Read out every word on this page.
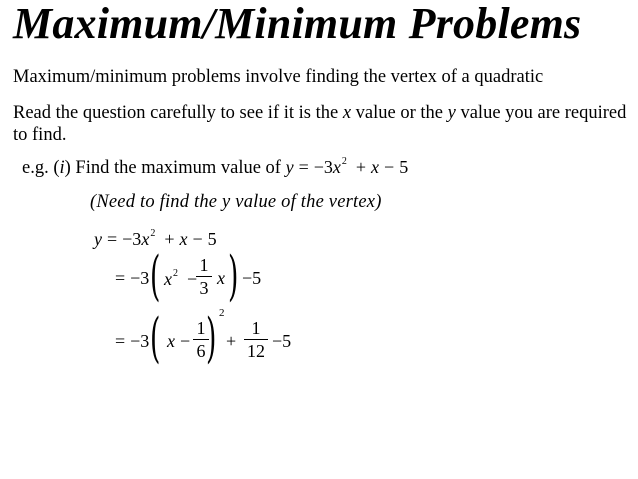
Maximum/Minimum Problems
Maximum/minimum problems involve finding the vertex of a quadratic
Read the question carefully to see if it is the x value or the y value you are required to find.
e.g. (i) Find the maximum value of $y = -3x^2 + x - 5$
(Need to find the y value of the vertex)
$y = -3x^2 + x - 5$
= −3 ( $x^2$ −
1
3 x ) −5
= −3 ( x −
1
6 ) 2
+
1
12 −5
